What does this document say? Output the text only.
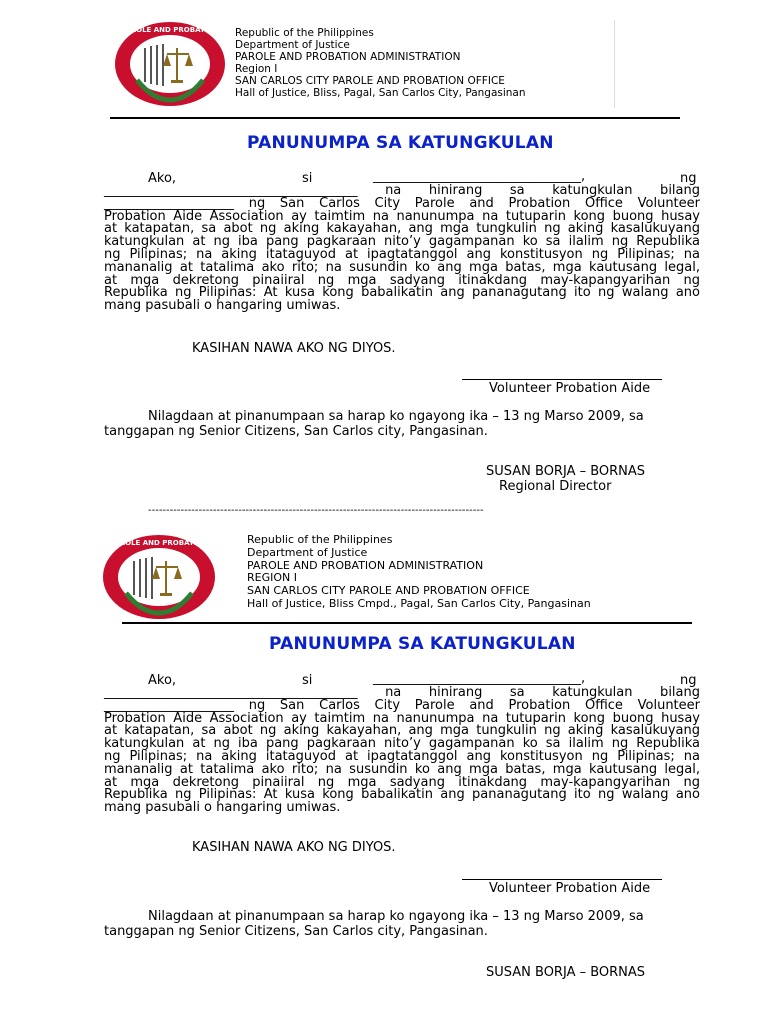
PAROLE AND PROBATION Republic of the Philippines
Department of Justice
PAROLE AND PROBATION ADMINISTRATION
Region I
SAN CARLOS CITY PAROLE AND PROBATION OFFICE
Hall of Justice, Bliss, Pagal, San Carlos City, Pangasinan
PANUNUMPA SA KATUNGKULAN
Ako,	si	________________________________,	ng

_______________________________________ na hinirang sa katungkulan bilang

____________________ ng San Carlos City Parole and Probation Office Volunteer

Probation Aide Association ay taimtim na nanunumpa na tutuparin kong buong husay

at katapatan, sa abot ng aking kakayahan, ang mga tungkulin ng aking kasalukuyang

katungkulan at ng iba pang pagkaraan nito’y gagampanan ko sa ilalim ng Republika

ng Pilipinas; na aking itataguyod at ipagtatanggol ang konstitusyon ng Pilipinas; na

mananalig at tatalima ako rito; na susundin ko ang mga batas, mga kautusang legal,

at mga dekretong pinaiiral ng mga sadyang itinakdang may-kapangyarihan ng

Republika ng Pilipinas: At kusa kong babalikatin ang pananagutang ito ng walang ano

mang pasubali o hangaring umiwas.

KASIHAN NAWA AKO NG DIYOS.
Volunteer Probation Aide
Nilagdaan at pinanumpaan sa harap ko ngayong ika – 13 ng Marso 2009, sa
tanggapan ng Senior Citizens, San Carlos city, Pangasinan.
SUSAN BORJA – BORNAS
Regional Director
---------------------------------------------------------------------------------------------
PAROLE AND PROBATION	Republic of the Philippines
Department of Justice
PAROLE AND PROBATION ADMINISTRATION
REGION I
SAN CARLOS CITY PAROLE AND PROBATION OFFICE
Hall of Justice, Bliss Cmpd., Pagal, San Carlos City, Pangasinan
PANUNUMPA SA KATUNGKULAN
Ako,	si	________________________________,	ng

_______________________________________ na hinirang sa katungkulan bilang

____________________ ng San Carlos City Parole and Probation Office Volunteer

Probation Aide Association ay taimtim na nanunumpa na tutuparin kong buong husay

at katapatan, sa abot ng aking kakayahan, ang mga tungkulin ng aking kasalukuyang

katungkulan at ng iba pang pagkaraan nito’y gagampanan ko sa ilalim ng Republika

ng Pilipinas; na aking itataguyod at ipagtatanggol ang konstitusyon ng Pilipinas; na

mananalig at tatalima ako rito; na susundin ko ang mga batas, mga kautusang legal,

at mga dekretong pinaiiral ng mga sadyang itinakdang may-kapangyarihan ng

Republika ng Pilipinas: At kusa kong babalikatin ang pananagutang ito ng walang ano

mang pasubali o hangaring umiwas.

KASIHAN NAWA AKO NG DIYOS.
Volunteer Probation Aide
Nilagdaan at pinanumpaan sa harap ko ngayong ika – 13 ng Marso 2009, sa
tanggapan ng Senior Citizens, San Carlos city, Pangasinan.
SUSAN BORJA – BORNAS
